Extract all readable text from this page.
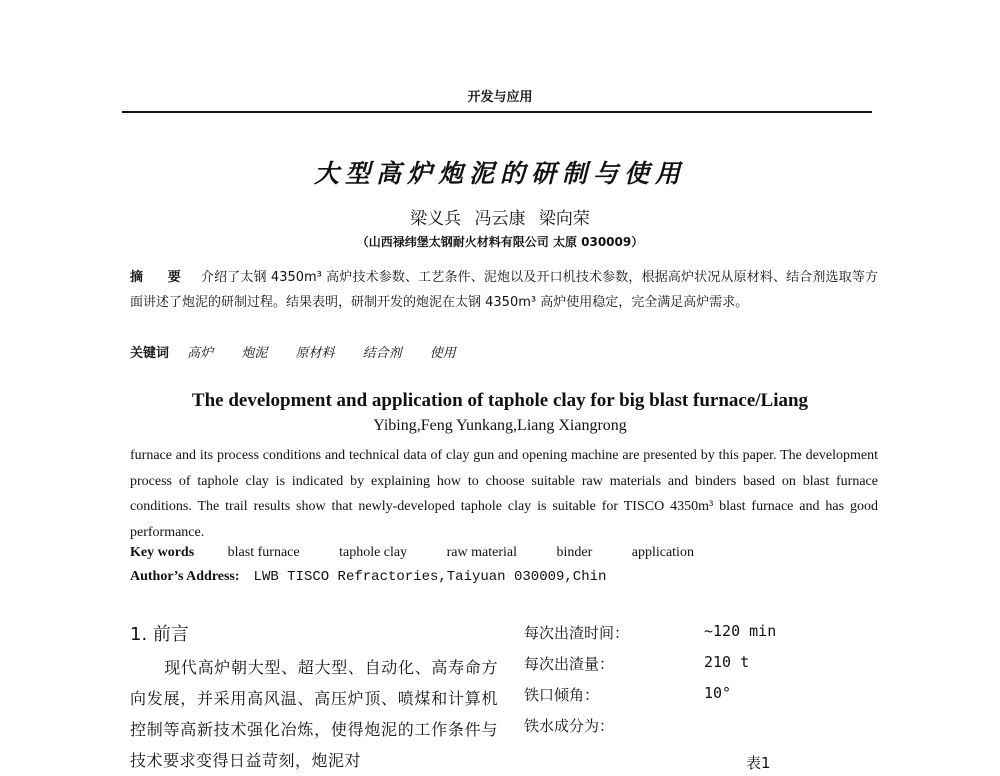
开发与应用
大型高炉炮泥的研制与使用
梁义兵 冯云康 梁向荣
（山西禄纬堡太钢耐火材料有限公司 太原 030009）
摘 要 介绍了太钢 4350m³ 高炉技术参数、工艺条件、泥炮以及开口机技术参数，根据高炉状况从原材料、结合剂选取等方面讲述了炮泥的研制过程。结果表明，研制开发的炮泥在太钢 4350m³ 高炉使用稳定，完全满足高炉需求。
关键词 高炉 炮泥 原材料 结合剂 使用
The development and application of taphole clay for big blast furnace/Liang
Yibing,Feng Yunkang,Liang Xiangrong
furnace and its process conditions and technical data of clay gun and opening machine are presented by this paper. The development process of taphole clay is indicated by explaining how to choose suitable raw materials and binders based on blast furnace conditions. The trail results show that newly-developed taphole clay is suitable for TISCO 4350m³ blast furnace and has good performance.
Key words blast furnace	taphole clay	raw material	binder	application
Author’s Address: LWB TISCO Refractories,Taiyuan 030009,Chin
1. 前言
现代高炉朝大型、超大型、自动化、高寿命方向发展，并采用高风温、高压炉顶、喷煤和计算机控制等高新技术强化冶炼，使得炮泥的工作条件与技术要求变得日益苛刻，炮泥对
每次出渣时间：	~120 min
每次出渣量：	210 t
铁口倾角：	10°
铁水成分为：
表1
